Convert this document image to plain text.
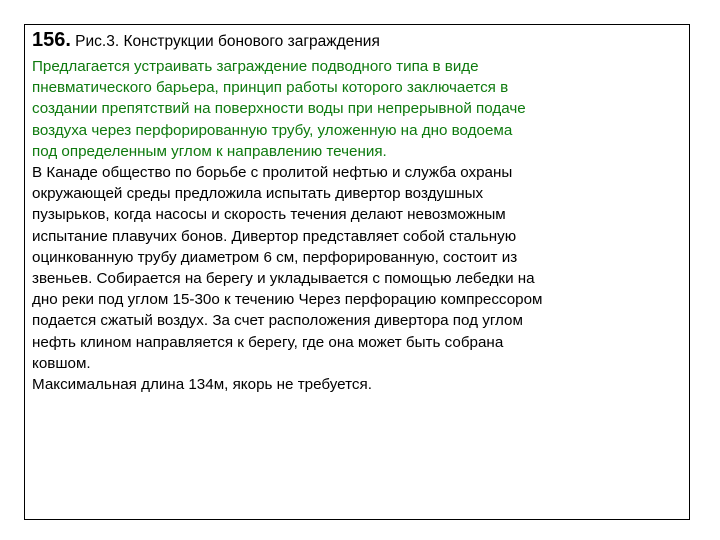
156. Рис.3. Конструкции бонового заграждения

Предлагается устраивать заграждение подводного типа в виде
пневматического барьера, принцип работы которого заключается в
создании препятствий на поверхности воды при непрерывной подаче
воздуха через перфорированную трубу, уложенную на дно водоема
под определенным углом к направлению течения.

В Канаде общество по борьбе с пролитой нефтью и служба охраны
окружающей среды предложила испытать дивертор воздушных
пузырьков, когда насосы и скорость течения делают невозможным
испытание плавучих бонов. Дивертор представляет собой стальную
оцинкованную трубу диаметром 6 см, перфорированную, состоит из
звеньев. Собирается на берегу и укладывается с помощью лебедки на
дно реки под углом 15-30о к течению Через перфорацию компрессором
подается сжатый воздух. За счет расположения дивертора под углом
нефть клином направляется к берегу, где она может быть собрана
ковшом.

Максимальная длина 134м, якорь не требуется.
